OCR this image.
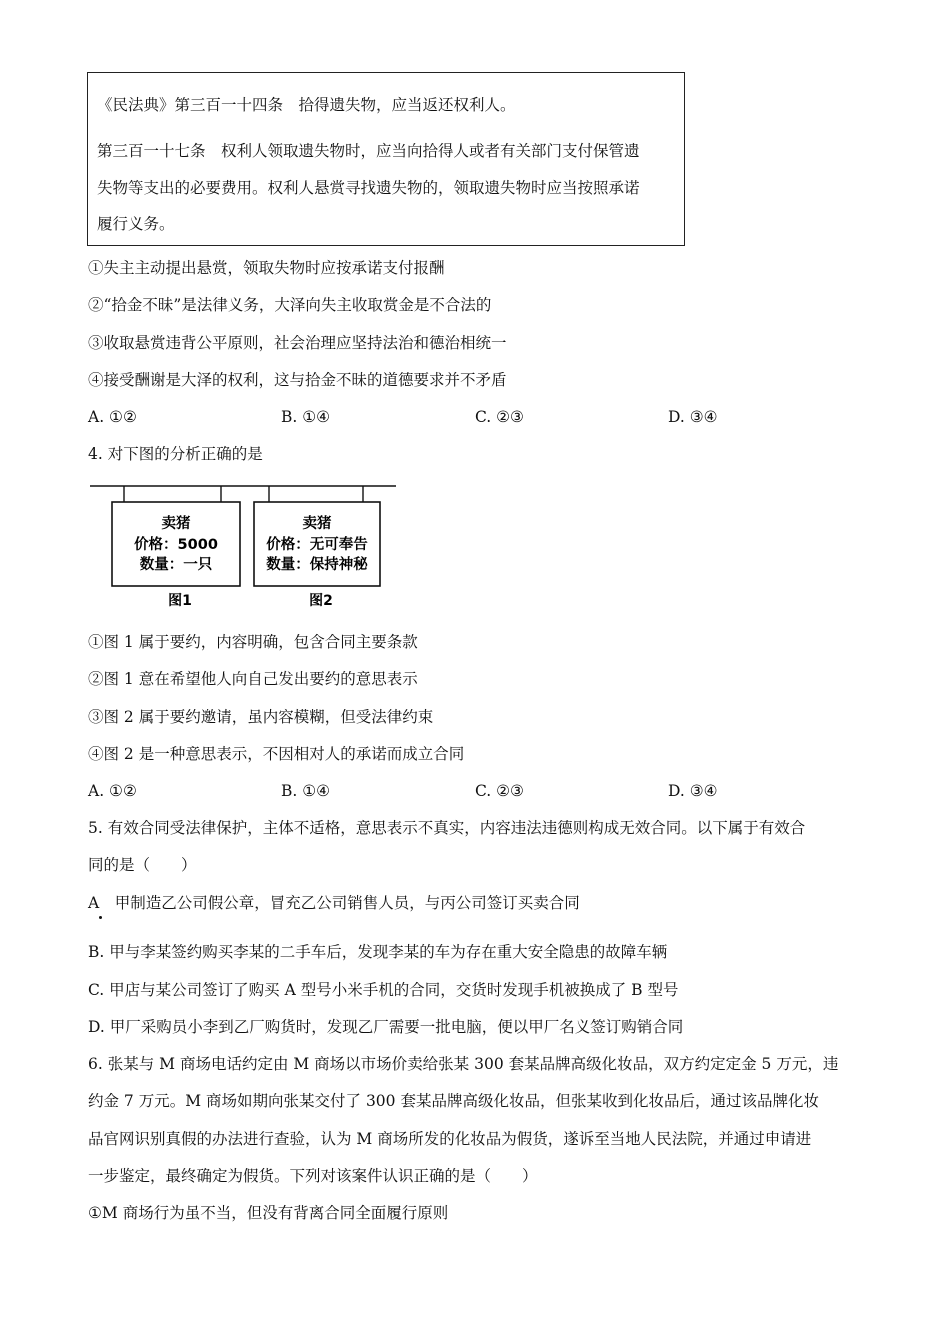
《民法典》第三百一十四条　拾得遗失物，应当返还权利人。
第三百一十七条　权利人领取遗失物时，应当向拾得人或者有关部门支付保管遗
失物等支出的必要费用。权利人悬赏寻找遗失物的，领取遗失物时应当按照承诺
履行义务。
①失主主动提出悬赏，领取失物时应按承诺支付报酬
②“拾金不昧”是法律义务，大泽向失主收取赏金是不合法的
③收取悬赏违背公平原则，社会治理应坚持法治和德治相统一
④接受酬谢是大泽的权利，这与拾金不昧的道德要求并不矛盾
A. ①②	B. ①④	C. ②③	D. ③④
4. 对下图的分析正确的是
卖猪
价格：5000
数量：一只
卖猪
价格：无可奉告
数量：保持神秘
图1	图2
①图 1 属于要约，内容明确，包含合同主要条款
②图 1 意在希望他人向自己发出要约的意思表示
③图 2 属于要约邀请，虽内容模糊，但受法律约束
④图 2 是一种意思表示，不因相对人的承诺而成立合同
A. ①②	B. ①④	C. ②③	D. ③④
5. 有效合同受法律保护，主体不适格，意思表示不真实，内容违法违德则构成无效合同。以下属于有效合
同的是（　　）
A　甲制造乙公司假公章，冒充乙公司销售人员，与丙公司签订买卖合同
B. 甲与李某签约购买李某的二手车后，发现李某的车为存在重大安全隐患的故障车辆
C. 甲店与某公司签订了购买 A 型号小米手机的合同，交货时发现手机被换成了 B 型号
D. 甲厂采购员小李到乙厂购货时，发现乙厂需要一批电脑，便以甲厂名义签订购销合同
6. 张某与 M 商场电话约定由 M 商场以市场价卖给张某 300 套某品牌高级化妆品，双方约定定金 5 万元，违
约金 7 万元。M 商场如期向张某交付了 300 套某品牌高级化妆品，但张某收到化妆品后，通过该品牌化妆
品官网识别真假的办法进行查验，认为 M 商场所发的化妆品为假货，遂诉至当地人民法院，并通过申请进
一步鉴定，最终确定为假货。下列对该案件认识正确的是（　　）
①M 商场行为虽不当，但没有背离合同全面履行原则
